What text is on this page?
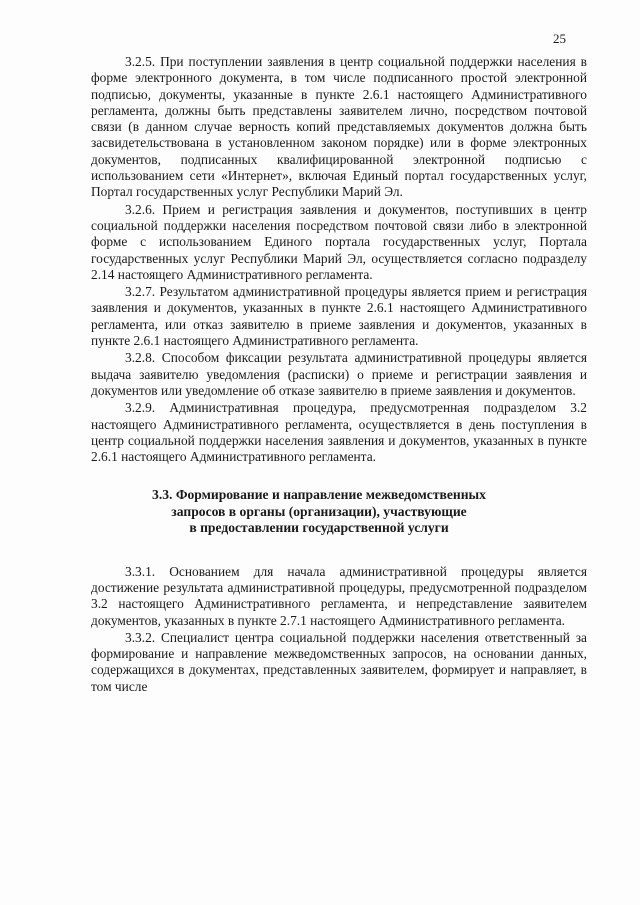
25

3.2.5. При поступлении заявления в центр социальной поддержки населения в форме электронного документа, в том числе подписанного простой электронной подписью, документы, указанные в пункте 2.6.1 настоящего Административного регламента, должны быть представлены заявителем лично, посредством почтовой связи (в данном случае верность копий представляемых документов должна быть засвидетельствована в установленном законом порядке) или в форме электронных документов, подписанных квалифицированной электронной подписью с использованием сети «Интернет», включая Единый портал государственных услуг, Портал государственных услуг Республики Марий Эл.

3.2.6. Прием и регистрация заявления и документов, поступивших в центр социальной поддержки населения посредством почтовой связи либо в электронной форме с использованием Единого портала государственных услуг, Портала государственных услуг Республики Марий Эл, осуществляется согласно подразделу 2.14 настоящего Административного регламента.

3.2.7. Результатом административной процедуры является прием и регистрация заявления и документов, указанных в пункте 2.6.1 настоящего Административного регламента, или отказ заявителю в приеме заявления и документов, указанных в пункте 2.6.1 настоящего Административного регламента.

3.2.8. Способом фиксации результата административной процедуры является выдача заявителю уведомления (расписки) о приеме и регистрации заявления и документов или уведомление об отказе заявителю в приеме заявления и документов.

3.2.9. Административная процедура, предусмотренная подразделом 3.2 настоящего Административного регламента, осуществляется в день поступления в центр социальной поддержки населения заявления и документов, указанных в пункте 2.6.1 настоящего Административного регламента.

3.3. Формирование и направление межведомственных
запросов в органы (организации), участвующие
в предоставлении государственной услуги

3.3.1. Основанием для начала административной процедуры является достижение результата административной процедуры, предусмотренной подразделом 3.2 настоящего Административного регламента, и непредставление заявителем документов, указанных в пункте 2.7.1 настоящего Административного регламента.

3.3.2. Специалист центра социальной поддержки населения ответственный за формирование и направление межведомственных запросов, на основании данных, содержащихся в документах, представленных заявителем, формирует и направляет, в том числе
